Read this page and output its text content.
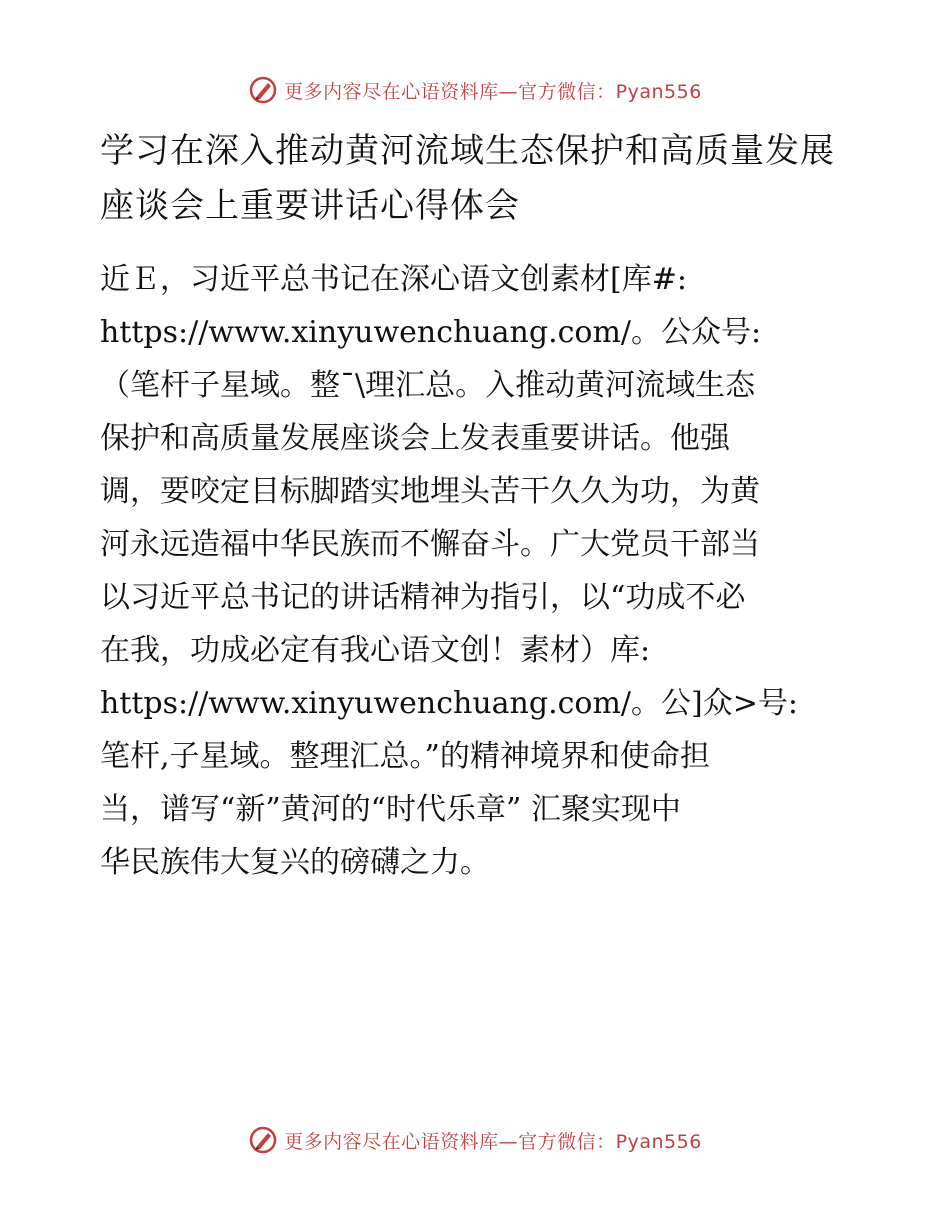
更多内容尽在心语资料库—官方微信：Pyan556
学习在深入推动黄河流域生态保护和高质量发展
座谈会上重要讲话心得体会
近Ｅ，习近平总书记在深心语文创素材[库#:
https://www.xinyuwenchuang.com/。公众号:
（笔杆子星域。整¯\理汇总。入推动黄河流域生态
保护和高质量发展座谈会上发表重要讲话。他强
调，要咬定目标脚踏实地埋头苦干久久为功，为黄
河永远造福中华民族而不懈奋斗。广大党员干部当
以习近平总书记的讲话精神为指引，以“功成不必
在我，功成必定有我心语文创！素材）库:
https://www.xinyuwenchuang.com/。公]众>号:
笔杆,子星域。整理汇总。”的精神境界和使命担
当，谱写“新”黄河的“时代乐章” 汇聚实现中
华民族伟大复兴的磅礴之力。
更多内容尽在心语资料库—官方微信：Pyan556
